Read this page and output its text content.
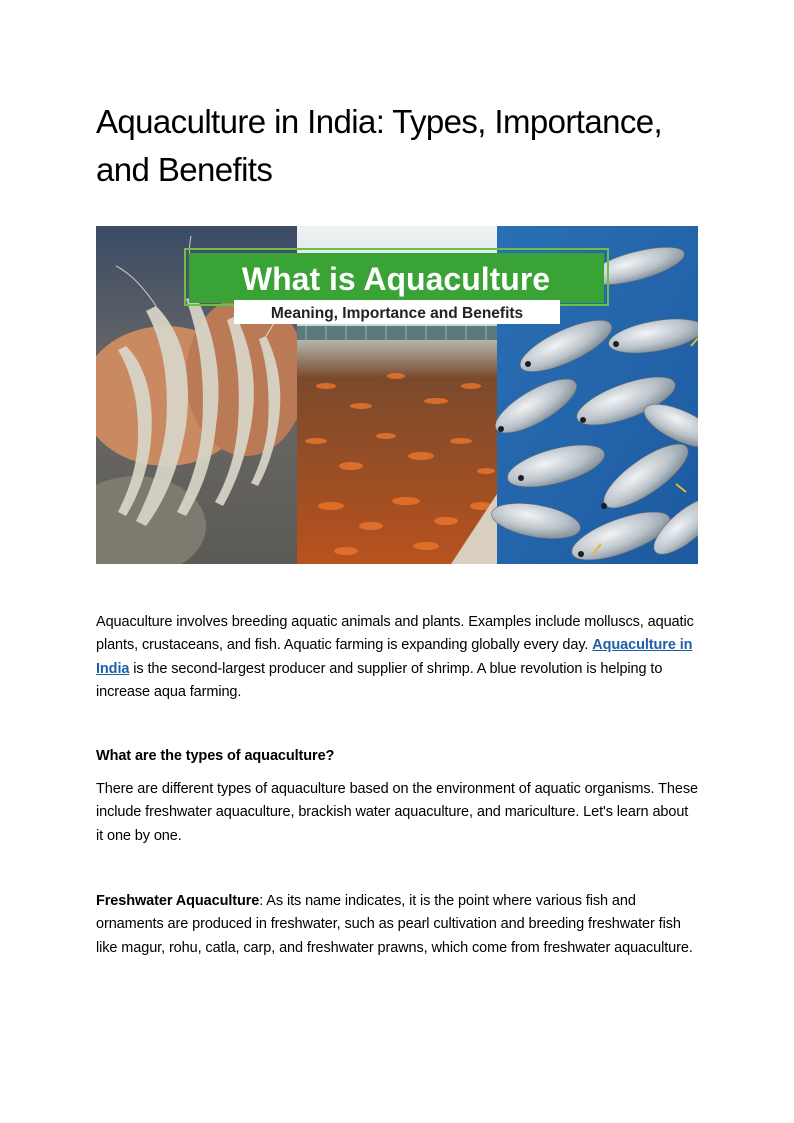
Aquaculture in India: Types, Importance, and Benefits
What is Aquaculture
Meaning, Importance and Benefits

Aquaculture involves breeding aquatic animals and plants. Examples include molluscs, aquatic plants, crustaceans, and fish. Aquatic farming is expanding globally every day. Aquaculture in India is the second-largest producer and supplier of shrimp. A blue revolution is helping to increase aqua farming.

What are the types of aquaculture?

There are different types of aquaculture based on the environment of aquatic organisms. These include freshwater aquaculture, brackish water aquaculture, and mariculture. Let's learn about it one by one.

Freshwater Aquaculture: As its name indicates, it is the point where various fish and ornaments are produced in freshwater, such as pearl cultivation and breeding freshwater fish like magur, rohu, catla, carp, and freshwater prawns, which come from freshwater aquaculture.
